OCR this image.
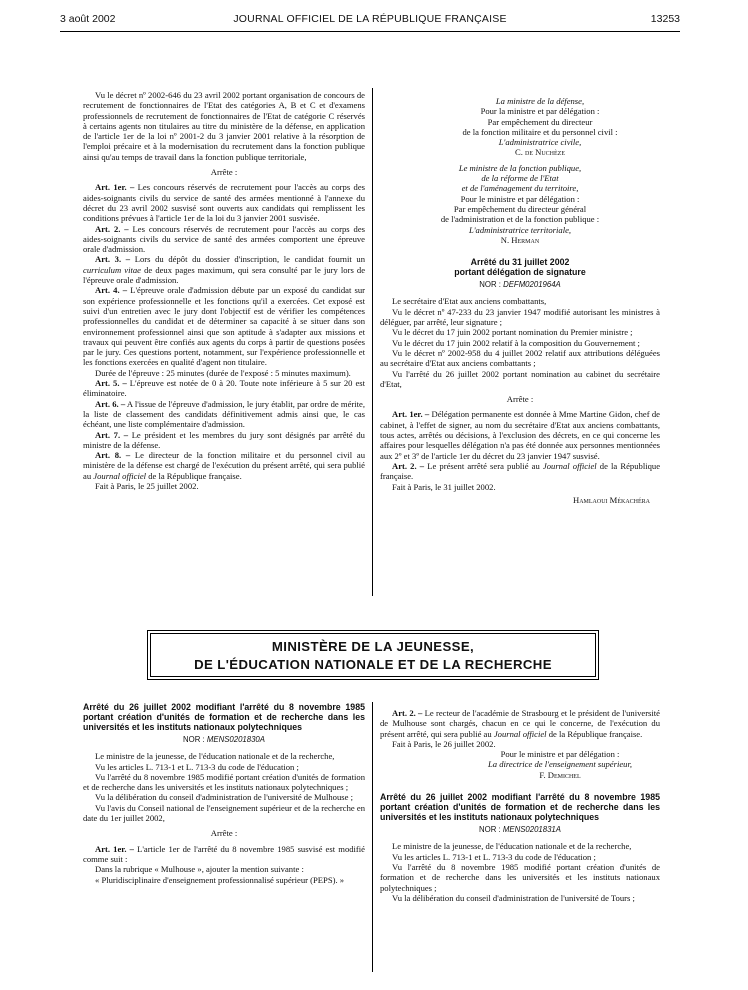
3 août 2002	JOURNAL OFFICIEL DE LA RÉPUBLIQUE FRANÇAISE	13253

Vu le décret nº 2002-646 du 23 avril 2002 portant organisation de concours de recrutement de fonctionnaires de l'Etat des catégories A, B et C et d'examens professionnels de recrutement de fonctionnaires de l'Etat de catégorie C réservés à certains agents non titulaires au titre du ministère de la défense, en application de l'article 1er de la loi nº 2001-2 du 3 janvier 2001 relative à la résorption de l'emploi précaire et à la modernisation du recrutement dans la fonction publique ainsi qu'au temps de travail dans la fonction publique territoriale,

Arrête :

Art. 1er. – Les concours réservés de recrutement pour l'accès au corps des aides-soignants civils du service de santé des armées mentionné à l'annexe du décret du 23 avril 2002 susvisé sont ouverts aux candidats qui remplissent les conditions prévues à l'article 1er de la loi du 3 janvier 2001 susvisée.

Art. 2. – Les concours réservés de recrutement pour l'accès au corps des aides-soignants civils du service de santé des armées comportent une épreuve orale d'admission.

Art. 3. – Lors du dépôt du dossier d'inscription, le candidat fournit un curriculum vitae de deux pages maximum, qui sera consulté par le jury lors de l'épreuve orale d'admission.

Art. 4. – L'épreuve orale d'admission débute par un exposé du candidat sur son expérience professionnelle et les fonctions qu'il a exercées. Cet exposé est suivi d'un entretien avec le jury dont l'objectif est de vérifier les compétences professionnelles du candidat et de déterminer sa capacité à se situer dans son environnement professionnel ainsi que son aptitude à s'adapter aux missions et travaux qui peuvent être confiés aux agents du corps à partir de questions posées par le jury. Ces questions portent, notamment, sur l'expérience professionnelle et les fonctions exercées en qualité d'agent non titulaire.

Durée de l'épreuve : 25 minutes (durée de l'exposé : 5 minutes maximum).

Art. 5. – L'épreuve est notée de 0 à 20. Toute note inférieure à 5 sur 20 est éliminatoire.

Art. 6. – A l'issue de l'épreuve d'admission, le jury établit, par ordre de mérite, la liste de classement des candidats définitivement admis ainsi que, le cas échéant, une liste complémentaire d'admission.

Art. 7. – Le président et les membres du jury sont désignés par arrêté du ministre de la défense.

Art. 8. – Le directeur de la fonction militaire et du personnel civil au ministère de la défense est chargé de l'exécution du présent arrêté, qui sera publié au Journal officiel de la République française.

Fait à Paris, le 25 juillet 2002.

La ministre de la défense,
Pour la ministre et par délégation :
Par empêchement du directeur
de la fonction militaire et du personnel civil :
L'administratrice civile,
C. de Nuchèze
Le ministre de la fonction publique,
de la réforme de l'Etat
et de l'aménagement du territoire,
Pour le ministre et par délégation :
Par empêchement du directeur général
de l'administration et de la fonction publique :
L'administratrice territoriale,
N. Herman
Arrêté du 31 juillet 2002
portant délégation de signature
NOR : DEFM0201964A

Le secrétaire d'Etat aux anciens combattants,

Vu le décret nº 47-233 du 23 janvier 1947 modifié autorisant les ministres à déléguer, par arrêté, leur signature ;

Vu le décret du 17 juin 2002 portant nomination du Premier ministre ;

Vu le décret du 17 juin 2002 relatif à la composition du Gouvernement ;

Vu le décret nº 2002-958 du 4 juillet 2002 relatif aux attributions déléguées au secrétaire d'Etat aux anciens combattants ;

Vu l'arrêté du 26 juillet 2002 portant nomination au cabinet du secrétaire d'Etat,

Arrête :

Art. 1er. – Délégation permanente est donnée à Mme Martine Gidon, chef de cabinet, à l'effet de signer, au nom du secrétaire d'Etat aux anciens combattants, tous actes, arrêtés ou décisions, à l'exclusion des décrets, en ce qui concerne les affaires pour lesquelles délégation n'a pas été donnée aux personnes mentionnées aux 2º et 3º de l'article 1er du décret du 23 janvier 1947 susvisé.

Art. 2. – Le présent arrêté sera publié au Journal officiel de la République française.

Fait à Paris, le 31 juillet 2002.

Hamlaoui Mékachéra
MINISTÈRE DE LA JEUNESSE,
DE L'ÉDUCATION NATIONALE ET DE LA RECHERCHE
Arrêté du 26 juillet 2002 modifiant l'arrêté du 8 novembre 1985 portant création d'unités de formation et de recherche dans les universités et les instituts nationaux polytechniques
NOR : MENS0201830A

Le ministre de la jeunesse, de l'éducation nationale et de la recherche,

Vu les articles L. 713-1 et L. 713-3 du code de l'éducation ;

Vu l'arrêté du 8 novembre 1985 modifié portant création d'unités de formation et de recherche dans les universités et les instituts nationaux polytechniques ;

Vu la délibération du conseil d'administration de l'université de Mulhouse ;

Vu l'avis du Conseil national de l'enseignement supérieur et de la recherche en date du 1er juillet 2002,

Arrête :

Art. 1er. – L'article 1er de l'arrêté du 8 novembre 1985 susvisé est modifié comme suit :

Dans la rubrique « Mulhouse », ajouter la mention suivante :

« Pluridisciplinaire d'enseignement professionnalisé supérieur (PEPS). »

Art. 2. – Le recteur de l'académie de Strasbourg et le président de l'université de Mulhouse sont chargés, chacun en ce qui le concerne, de l'exécution du présent arrêté, qui sera publié au Journal officiel de la République française.

Fait à Paris, le 26 juillet 2002.

Pour le ministre et par délégation :
La directrice de l'enseignement supérieur,
F. Demichel
Arrêté du 26 juillet 2002 modifiant l'arrêté du 8 novembre 1985 portant création d'unités de formation et de recherche dans les universités et les instituts nationaux polytechniques
NOR : MENS0201831A

Le ministre de la jeunesse, de l'éducation nationale et de la recherche,

Vu les articles L. 713-1 et L. 713-3 du code de l'éducation ;

Vu l'arrêté du 8 novembre 1985 modifié portant création d'unités de formation et de recherche dans les universités et les instituts nationaux polytechniques ;

Vu la délibération du conseil d'administration de l'université de Tours ;
